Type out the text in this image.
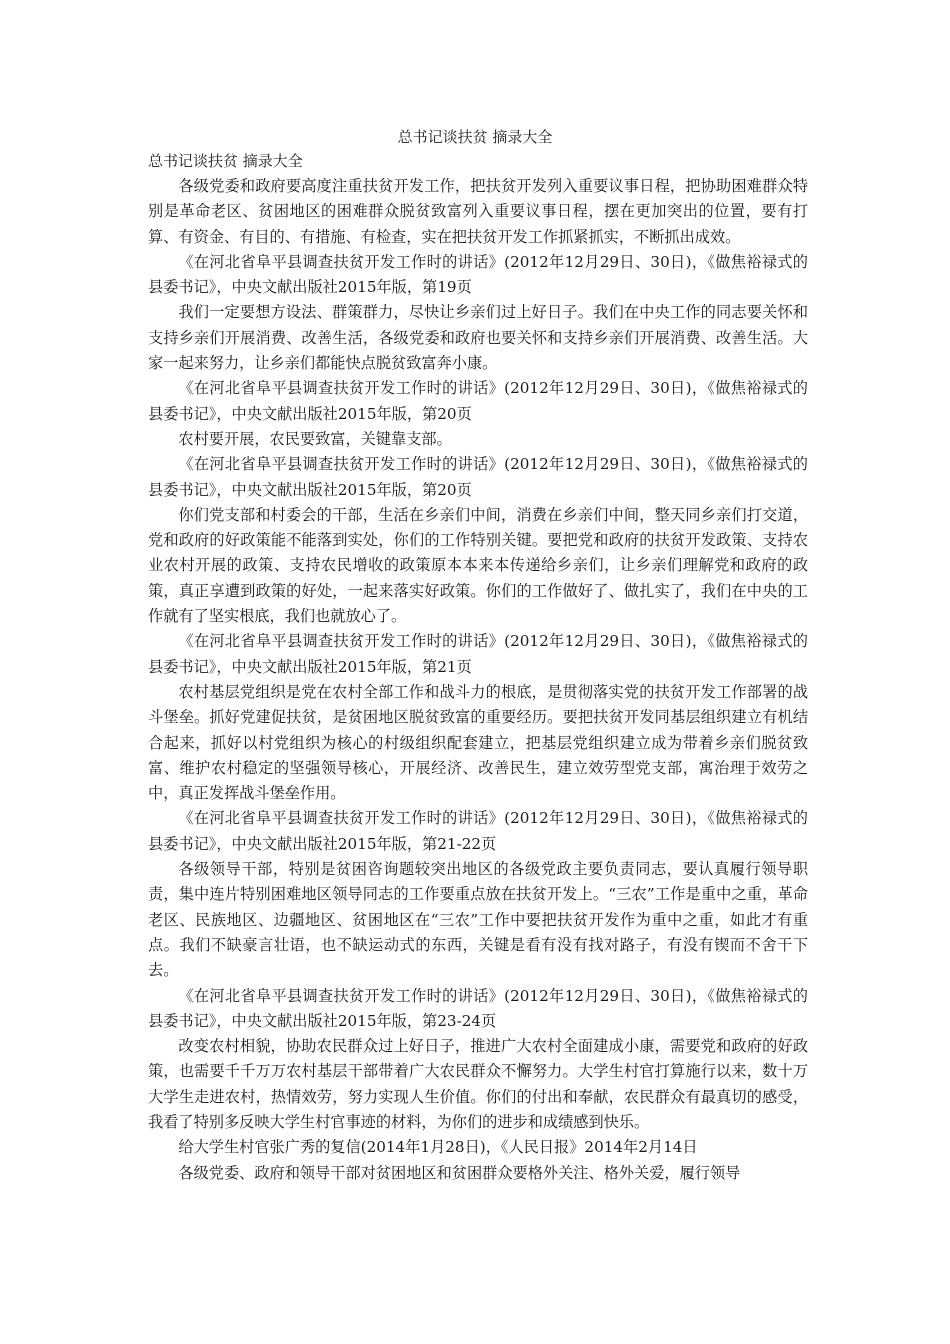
总书记谈扶贫 摘录大全
总书记谈扶贫 摘录大全

各级党委和政府要高度注重扶贫开发工作，把扶贫开发列入重要议事日程，把协助困难群众特别是革命老区、贫困地区的困难群众脱贫致富列入重要议事日程，摆在更加突出的位置，要有打算、有资金、有目的、有措施、有检查，实在把扶贫开发工作抓紧抓实，不断抓出成效。

《在河北省阜平县调查扶贫开发工作时的讲话》(2012年12月29日、30日)，《做焦裕禄式的县委书记》，中央文献出版社2015年版，第19页

我们一定要想方设法、群策群力，尽快让乡亲们过上好日子。我们在中央工作的同志要关怀和支持乡亲们开展消费、改善生活，各级党委和政府也要关怀和支持乡亲们开展消费、改善生活。大家一起来努力，让乡亲们都能快点脱贫致富奔小康。

《在河北省阜平县调查扶贫开发工作时的讲话》(2012年12月29日、30日)，《做焦裕禄式的县委书记》，中央文献出版社2015年版，第20页

农村要开展，农民要致富，关键靠支部。

《在河北省阜平县调查扶贫开发工作时的讲话》(2012年12月29日、30日)，《做焦裕禄式的县委书记》，中央文献出版社2015年版，第20页

你们党支部和村委会的干部，生活在乡亲们中间，消费在乡亲们中间，整天同乡亲们打交道，党和政府的好政策能不能落到实处，你们的工作特别关键。要把党和政府的扶贫开发政策、支持农业农村开展的政策、支持农民增收的政策原本本来本传递给乡亲们，让乡亲们理解党和政府的政策，真正享遭到政策的好处，一起来落实好政策。你们的工作做好了、做扎实了，我们在中央的工作就有了坚实根底，我们也就放心了。

《在河北省阜平县调查扶贫开发工作时的讲话》(2012年12月29日、30日)，《做焦裕禄式的县委书记》，中央文献出版社2015年版，第21页

农村基层党组织是党在农村全部工作和战斗力的根底，是贯彻落实党的扶贫开发工作部署的战斗堡垒。抓好党建促扶贫，是贫困地区脱贫致富的重要经历。要把扶贫开发同基层组织建立有机结合起来，抓好以村党组织为核心的村级组织配套建立，把基层党组织建立成为带着乡亲们脱贫致富、维护农村稳定的坚强领导核心，开展经济、改善民生，建立效劳型党支部，寓治理于效劳之中，真正发挥战斗堡垒作用。

《在河北省阜平县调查扶贫开发工作时的讲话》(2012年12月29日、30日)，《做焦裕禄式的县委书记》，中央文献出版社2015年版，第21-22页

各级领导干部，特别是贫困咨询题较突出地区的各级党政主要负责同志，要认真履行领导职责，集中连片特别困难地区领导同志的工作要重点放在扶贫开发上。“三农”工作是重中之重，革命老区、民族地区、边疆地区、贫困地区在“三农”工作中要把扶贫开发作为重中之重，如此才有重点。我们不缺豪言壮语，也不缺运动式的东西，关键是看有没有找对路子，有没有锲而不舍干下去。

《在河北省阜平县调查扶贫开发工作时的讲话》(2012年12月29日、30日)，《做焦裕禄式的县委书记》，中央文献出版社2015年版，第23-24页

改变农村相貌，协助农民群众过上好日子，推进广大农村全面建成小康，需要党和政府的好政策，也需要千千万万农村基层干部带着广大农民群众不懈努力。大学生村官打算施行以来，数十万大学生走进农村，热情效劳，努力实现人生价值。你们的付出和奉献，农民群众有最真切的感受，我看了特别多反映大学生村官事迹的材料，为你们的进步和成绩感到快乐。

给大学生村官张广秀的复信(2014年1月28日)，《人民日报》2014年2月14日

各级党委、政府和领导干部对贫困地区和贫困群众要格外关注、格外关爱，履行领导
